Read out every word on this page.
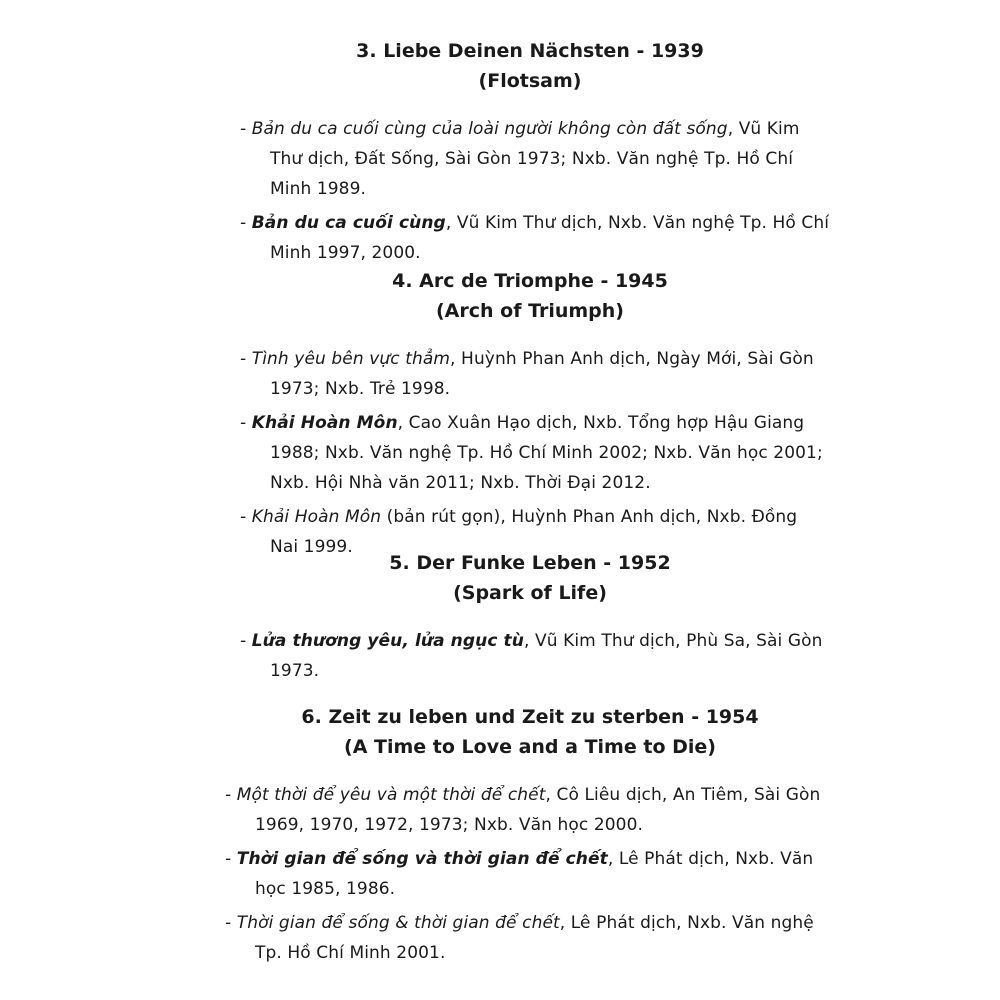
3. Liebe Deinen Nächsten - 1939
(Flotsam)
- Bản du ca cuối cùng của loài người không còn đất sống, Vũ Kim Thư dịch, Đất Sống, Sài Gòn 1973; Nxb. Văn nghệ Tp. Hồ Chí Minh 1989.
- Bản du ca cuối cùng, Vũ Kim Thư dịch, Nxb. Văn nghệ Tp. Hồ Chí Minh 1997, 2000.
4. Arc de Triomphe - 1945
(Arch of Triumph)
- Tình yêu bên vực thẳm, Huỳnh Phan Anh dịch, Ngày Mới, Sài Gòn 1973; Nxb. Trẻ 1998.
- Khải Hoàn Môn, Cao Xuân Hạo dịch, Nxb. Tổng hợp Hậu Giang 1988; Nxb. Văn nghệ Tp. Hồ Chí Minh 2002; Nxb. Văn học 2001; Nxb. Hội Nhà văn 2011; Nxb. Thời Đại 2012.
- Khải Hoàn Môn (bản rút gọn), Huỳnh Phan Anh dịch, Nxb. Đồng Nai 1999.
5. Der Funke Leben - 1952
(Spark of Life)
- Lửa thương yêu, lửa ngục tù, Vũ Kim Thư dịch, Phù Sa, Sài Gòn 1973.
6. Zeit zu leben und Zeit zu sterben - 1954
(A Time to Love and a Time to Die)
- Một thời để yêu và một thời để chết, Cô Liêu dịch, An Tiêm, Sài Gòn 1969, 1970, 1972, 1973; Nxb. Văn học 2000.
- Thời gian để sống và thời gian để chết, Lê Phát dịch, Nxb. Văn học 1985, 1986.
- Thời gian để sống & thời gian để chết, Lê Phát dịch, Nxb. Văn nghệ Tp. Hồ Chí Minh 2001.
